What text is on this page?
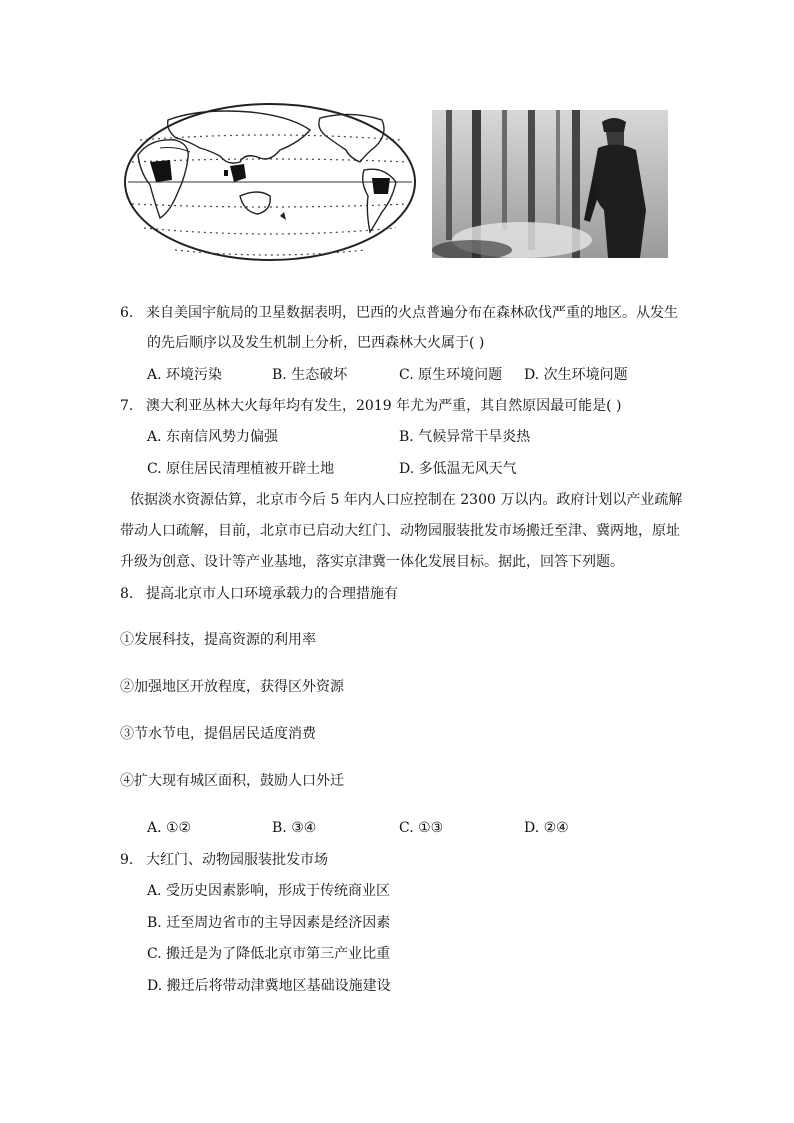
6. 来自美国宇航局的卫星数据表明，巴西的火点普遍分布在森林砍伐严重的地区。从发生
的先后顺序以及发生机制上分析，巴西森林大火属于( )
A. 环境污染	B. 生态破坏	C. 原生环境问题 D. 次生环境问题
7. 澳大利亚丛林大火每年均有发生，2019 年尤为严重，其自然原因最可能是( )
A. 东南信风势力偏强	B. 气候异常干旱炎热
C. 原住居民清理植被开辟土地	D. 多低温无风天气
依据淡水资源估算，北京市今后 5 年内人口应控制在 2300 万以内。政府计划以产业疏解
带动人口疏解，目前，北京市已启动大红门、动物园服装批发市场搬迁至津、冀两地，原址
升级为创意、设计等产业基地，落实京津冀一体化发展目标。据此，回答下列题。
8. 提高北京市人口环境承载力的合理措施有
①发展科技，提高资源的利用率
②加强地区开放程度，获得区外资源
③节水节电，提倡居民适度消费
④扩大现有城区面积，鼓励人口外迁
A. ①②	B. ③④	C. ①③	D. ②④
9. 大红门、动物园服装批发市场
A. 受历史因素影响，形成于传统商业区
B. 迁至周边省市的主导因素是经济因素
C. 搬迁是为了降低北京市第三产业比重
D. 搬迁后将带动津冀地区基础设施建设
